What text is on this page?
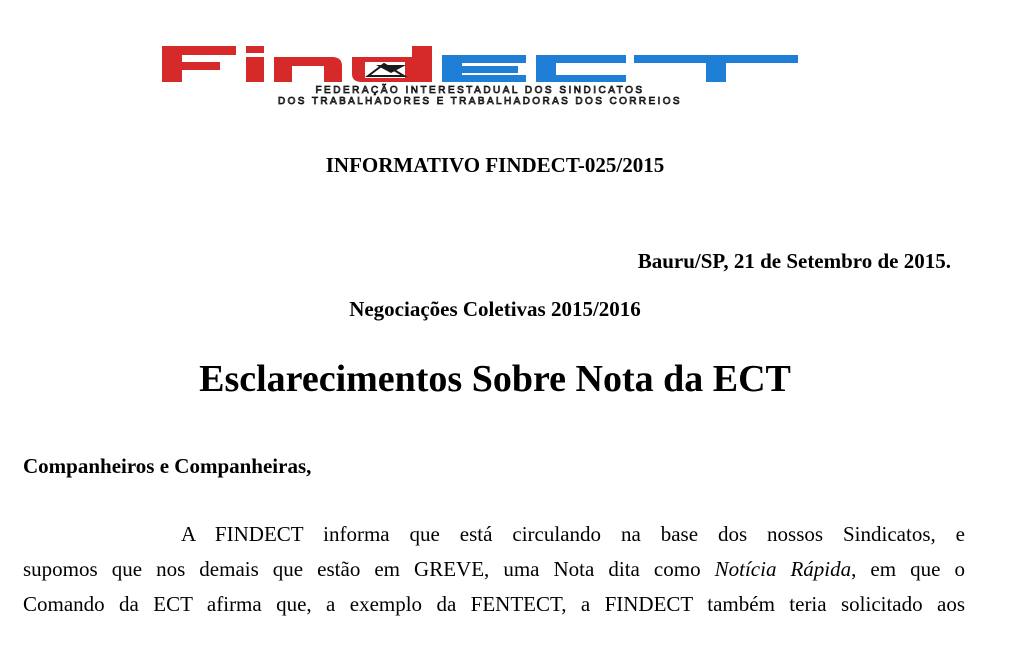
FEDERAÇÃO INTERESTADUAL DOS SINDICATOS
DOS TRABALHADORES E TRABALHADORAS DOS CORREIOS
INFORMATIVO FINDECT-025/2015
Bauru/SP, 21 de Setembro de 2015.
Negociações Coletivas 2015/2016
Esclarecimentos Sobre Nota da ECT
Companheiros e Companheiras,
A FINDECT informa que está circulando na base dos nossos Sindicatos, e
supomos que nos demais que estão em GREVE, uma Nota dita como Notícia Rápida, em que o
Comando da ECT afirma que, a exemplo da FENTECT, a FINDECT também teria solicitado aos
